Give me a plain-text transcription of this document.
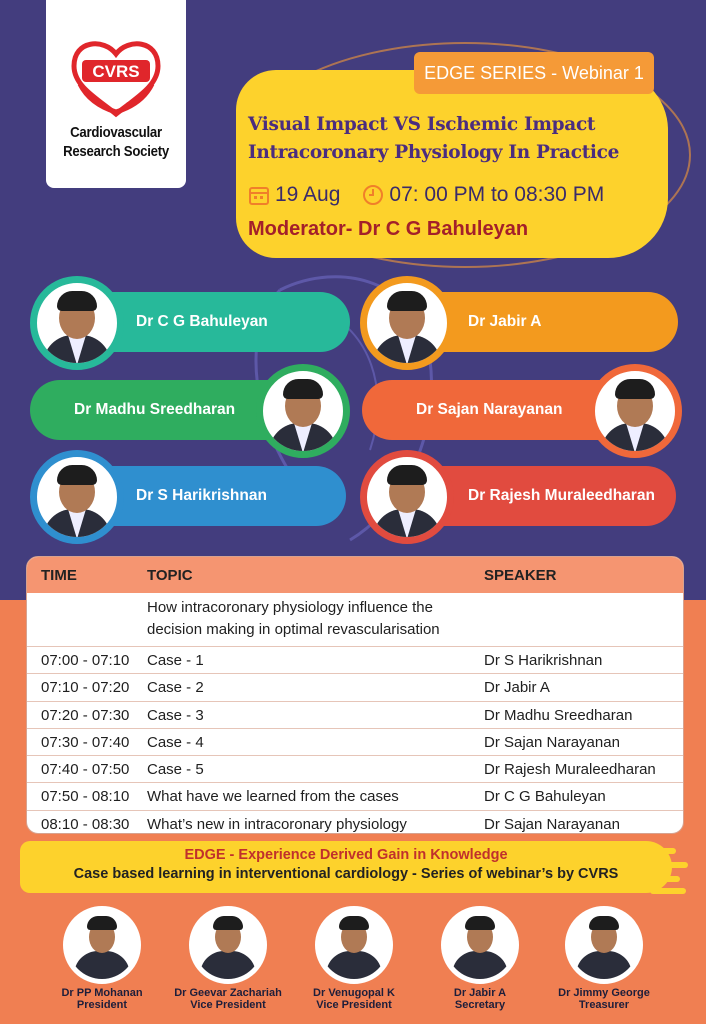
CVRS
Cardiovascular
Research Society
EDGE SERIES - Webinar 1
Visual Impact VS Ischemic Impact
Intracoronary Physiology In Practice
19 Aug 07: 00 PM to 08:30 PM
Moderator- Dr C G Bahuleyan
Dr C G Bahuleyan	Dr Jabir A
Dr Madhu Sreedharan	Dr Sajan Narayanan
Dr S Harikrishnan	Dr Rajesh Muraleedharan
TIME	TOPIC	SPEAKER
How intracoronary physiology influence the decision making in optimal revascularisation
07:00 - 07:10 Case - 1	Dr S Harikrishnan
07:10 - 07:20 Case - 2	Dr Jabir A
07:20 - 07:30 Case - 3	Dr Madhu Sreedharan
07:30 - 07:40 Case - 4	Dr Sajan Narayanan
07:40 - 07:50 Case - 5	Dr Rajesh Muraleedharan
07:50 - 08:10 What have we learned from the cases	Dr C G Bahuleyan
08:10 - 08:30 What’s new in intracoronary physiology	Dr Sajan Narayanan
EDGE - Experience Derived Gain in Knowledge
Case based learning in interventional cardiology - Series of webinar’s by CVRS
Dr PP Mohanan
President
Dr Geevar Zachariah
Vice President
Dr Venugopal K
Vice President
Dr Jabir A
Secretary
Dr Jimmy George
Treasurer
